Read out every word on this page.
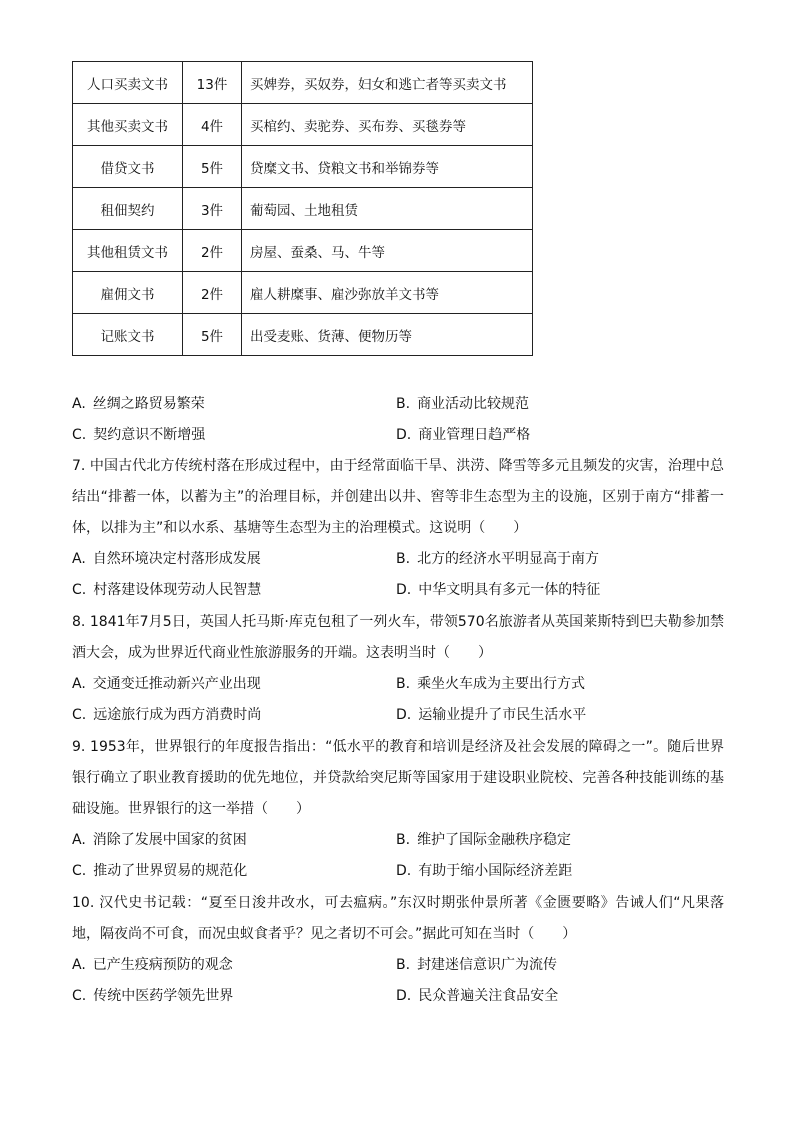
人口买卖文书	13件	买婢券，买奴券，妇女和逃亡者等买卖文书
其他买卖文书	4件	买棺约、卖驼券、买布券、买毯券等
借贷文书	5件	贷糜文书、贷粮文书和举锦券等
租佃契约	3件	葡萄园、土地租赁
其他租赁文书	2件	房屋、蚕桑、马、牛等
雇佣文书	2件	雇人耕糜事、雇沙弥放羊文书等
记账文书	5件	出受麦账、货薄、便物历等
A. 丝绸之路贸易繁荣	B. 商业活动比较规范
C. 契约意识不断增强	D. 商业管理日趋严格

7. 中国古代北方传统村落在形成过程中，由于经常面临干旱、洪涝、降雪等多元且频发的灾害，治理中总结出“排蓄一体，以蓄为主”的治理目标，并创建出以井、窖等非生态型为主的设施，区别于南方“排蓄一体，以排为主”和以水系、基塘等生态型为主的治理模式。这说明（　　）

A. 自然环境决定村落形成发展	B. 北方的经济水平明显高于南方
C. 村落建设体现劳动人民智慧	D. 中华文明具有多元一体的特征

8. 1841年7月5日，英国人托马斯·库克包租了一列火车，带领570名旅游者从英国莱斯特到巴夫勒参加禁酒大会，成为世界近代商业性旅游服务的开端。这表明当时（　　）

A. 交通变迁推动新兴产业出现	B. 乘坐火车成为主要出行方式
C. 远途旅行成为西方消费时尚	D. 运输业提升了市民生活水平

9. 1953年，世界银行的年度报告指出：“低水平的教育和培训是经济及社会发展的障碍之一”。随后世界银行确立了职业教育援助的优先地位，并贷款给突尼斯等国家用于建设职业院校、完善各种技能训练的基础设施。世界银行的这一举措（　　）

A. 消除了发展中国家的贫困	B. 维护了国际金融秩序稳定
C. 推动了世界贸易的规范化	D. 有助于缩小国际经济差距

10. 汉代史书记载：“夏至日浚井改水，可去瘟病。”东汉时期张仲景所著《金匮要略》告诫人们“凡果落地，隔夜尚不可食，而况虫蚁食者乎？见之者切不可会。”据此可知在当时（　　）

A. 已产生疫病预防的观念	B. 封建迷信意识广为流传
C. 传统中医药学领先世界	D. 民众普遍关注食品安全
